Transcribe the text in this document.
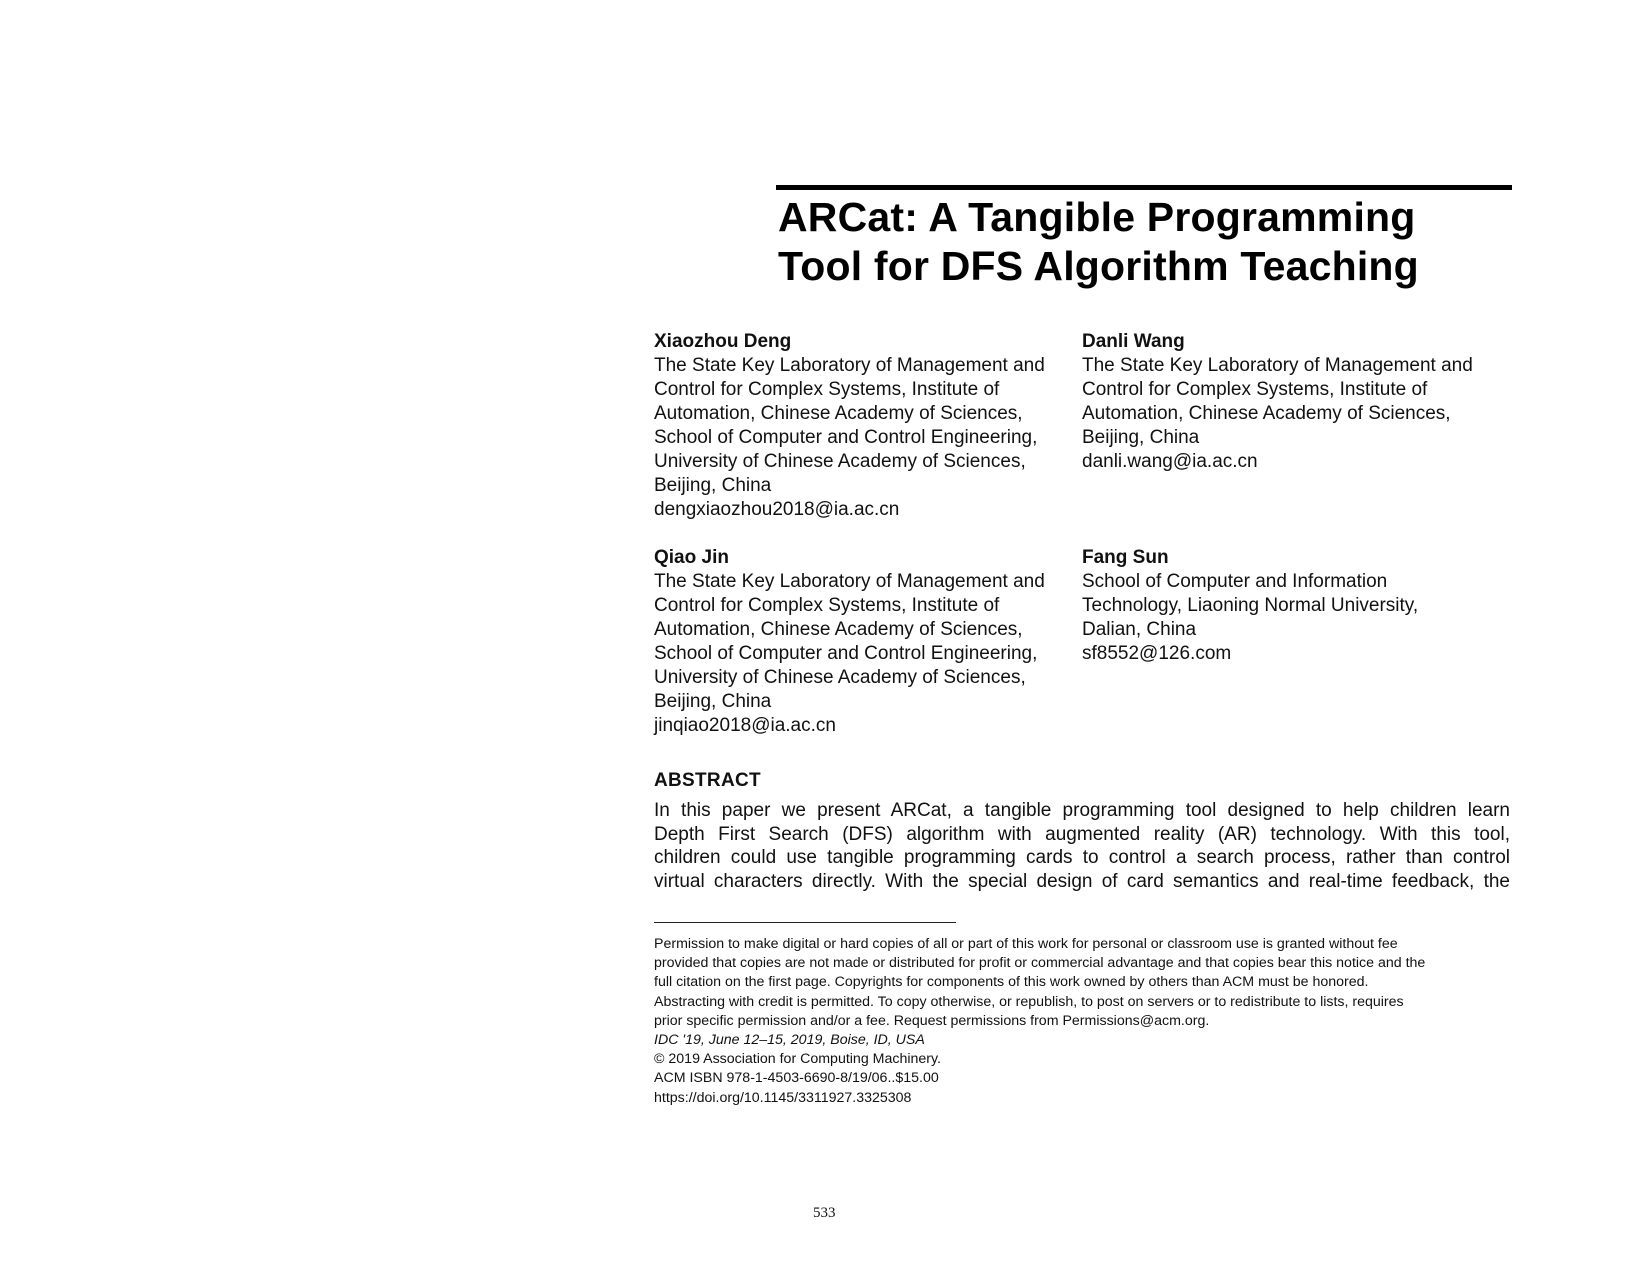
ARCat: A Tangible Programming
Tool for DFS Algorithm Teaching
Xiaozhou Deng
The State Key Laboratory of Management and
Control for Complex Systems, Institute of
Automation, Chinese Academy of Sciences,
School of Computer and Control Engineering,
University of Chinese Academy of Sciences,
Beijing, China
dengxiaozhou2018@ia.ac.cn
Danli Wang
The State Key Laboratory of Management and
Control for Complex Systems, Institute of
Automation, Chinese Academy of Sciences,
Beijing, China
danli.wang@ia.ac.cn
Qiao Jin
The State Key Laboratory of Management and
Control for Complex Systems, Institute of
Automation, Chinese Academy of Sciences,
School of Computer and Control Engineering,
University of Chinese Academy of Sciences,
Beijing, China
jinqiao2018@ia.ac.cn
Fang Sun
School of Computer and Information
Technology, Liaoning Normal University,
Dalian, China
sf8552@126.com
ABSTRACT

In this paper we present ARCat, a tangible programming tool designed to help children learn
Depth First Search (DFS) algorithm with augmented reality (AR) technology. With this tool,
children could use tangible programming cards to control a search process, rather than control
virtual characters directly. With the special design of card semantics and real-time feedback, the

Permission to make digital or hard copies of all or part of this work for personal or classroom use is granted without fee
provided that copies are not made or distributed for profit or commercial advantage and that copies bear this notice and the
full citation on the first page. Copyrights for components of this work owned by others than ACM must be honored.
Abstracting with credit is permitted. To copy otherwise, or republish, to post on servers or to redistribute to lists, requires
prior specific permission and/or a fee. Request permissions from Permissions@acm.org.
IDC '19, June 12–15, 2019, Boise, ID, USA
© 2019 Association for Computing Machinery.
ACM ISBN 978-1-4503-6690-8/19/06..$15.00
https://doi.org/10.1145/3311927.3325308
533
